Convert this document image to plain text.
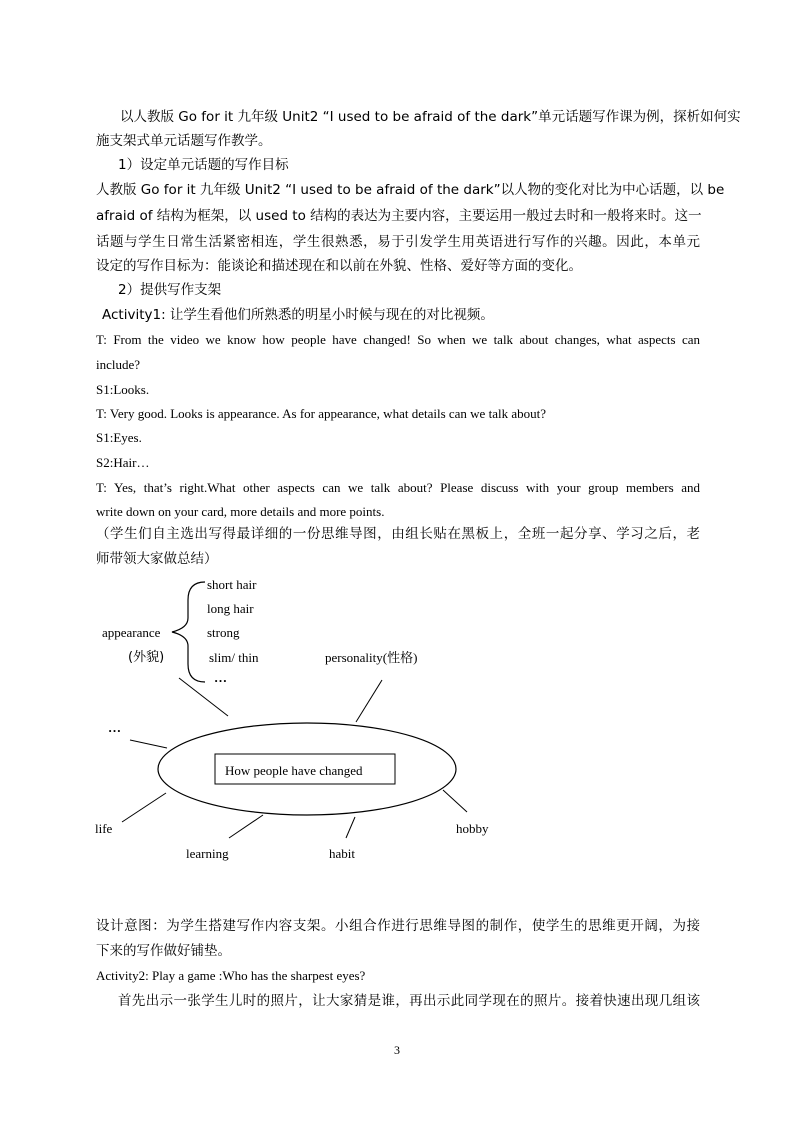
以人教版 Go for it 九年级 Unit2 “I used to be afraid of the dark”单元话题写作课为例，探析如何实
施支架式单元话题写作教学。
1）设定单元话题的写作目标
人教版 Go for it 九年级 Unit2 “I used to be afraid of the dark”以人物的变化对比为中心话题，以 be
afraid of 结构为框架，以 used to 结构的表达为主要内容，主要运用一般过去时和一般将来时。这一
话题与学生日常生活紧密相连，学生很熟悉，易于引发学生用英语进行写作的兴趣。因此，本单元
设定的写作目标为：能谈论和描述现在和以前在外貌、性格、爱好等方面的变化。
2）提供写作支架
Activity1: 让学生看他们所熟悉的明星小时候与现在的对比视频。
T: From the video we know how people have changed! So when we talk about changes, what aspects can
include?
S1:Looks.
T: Very good. Looks is appearance. As for appearance, what details can we talk about?
S1:Eyes.
S2:Hair…
T: Yes, that’s right.What other aspects can we talk about? Please discuss with your group members and
write down on your card, more details and more points.
（学生们自主选出写得最详细的一份思维导图，由组长贴在黑板上，全班一起分享、学习之后，老
师带领大家做总结）
short hair
long hair
strong
slim/ thin
…
appearance
(外貌)	personality(性格)
…
How people have changed
life
learning	habit
hobby
设计意图：为学生搭建写作内容支架。小组合作进行思维导图的制作，使学生的思维更开阔，为接
下来的写作做好铺垫。
Activity2: Play a game :Who has the sharpest eyes?
首先出示一张学生儿时的照片，让大家猜是谁，再出示此同学现在的照片。接着快速出现几组该
3
